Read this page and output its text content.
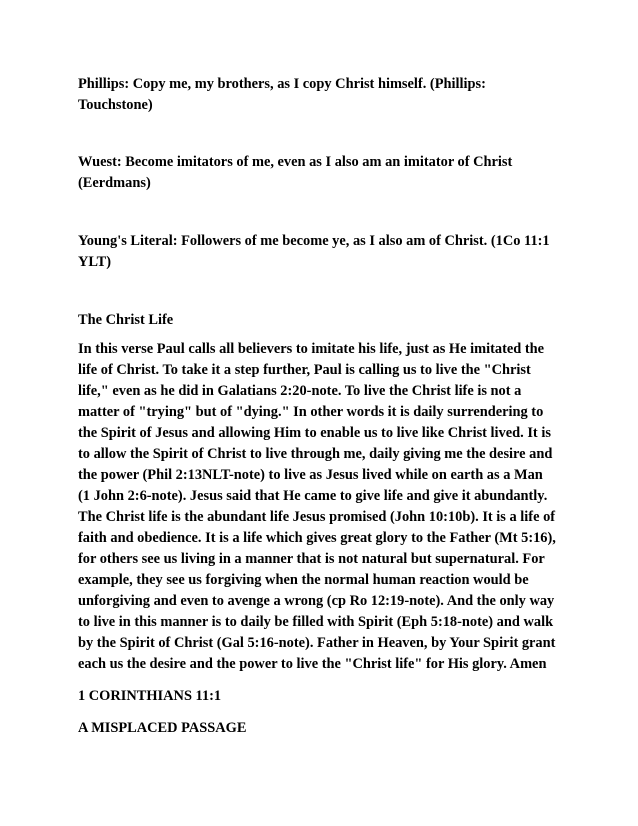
Phillips: Copy me, my brothers, as I copy Christ himself. (Phillips:
Touchstone)

Wuest: Become imitators of me, even as I also am an imitator of Christ
(Eerdmans)

Young's Literal: Followers of me become ye, as I also am of Christ. (1Co 11:1
YLT)

The Christ Life

In this verse Paul calls all believers to imitate his life, just as He imitated the
life of Christ. To take it a step further, Paul is calling us to live the "Christ
life," even as he did in Galatians 2:20-note. To live the Christ life is not a
matter of "trying" but of "dying." In other words it is daily surrendering to
the Spirit of Jesus and allowing Him to enable us to live like Christ lived. It is
to allow the Spirit of Christ to live through me, daily giving me the desire and
the power (Phil 2:13NLT-note) to live as Jesus lived while on earth as a Man
(1 John 2:6-note). Jesus said that He came to give life and give it abundantly.
The Christ life is the abundant life Jesus promised (John 10:10b). It is a life of
faith and obedience. It is a life which gives great glory to the Father (Mt 5:16),
for others see us living in a manner that is not natural but supernatural. For
example, they see us forgiving when the normal human reaction would be
unforgiving and even to avenge a wrong (cp Ro 12:19-note). And the only way
to live in this manner is to daily be filled with Spirit (Eph 5:18-note) and walk
by the Spirit of Christ (Gal 5:16-note). Father in Heaven, by Your Spirit grant
each us the desire and the power to live the "Christ life" for His glory. Amen

1 CORINTHIANS 11:1
A MISPLACED PASSAGE
